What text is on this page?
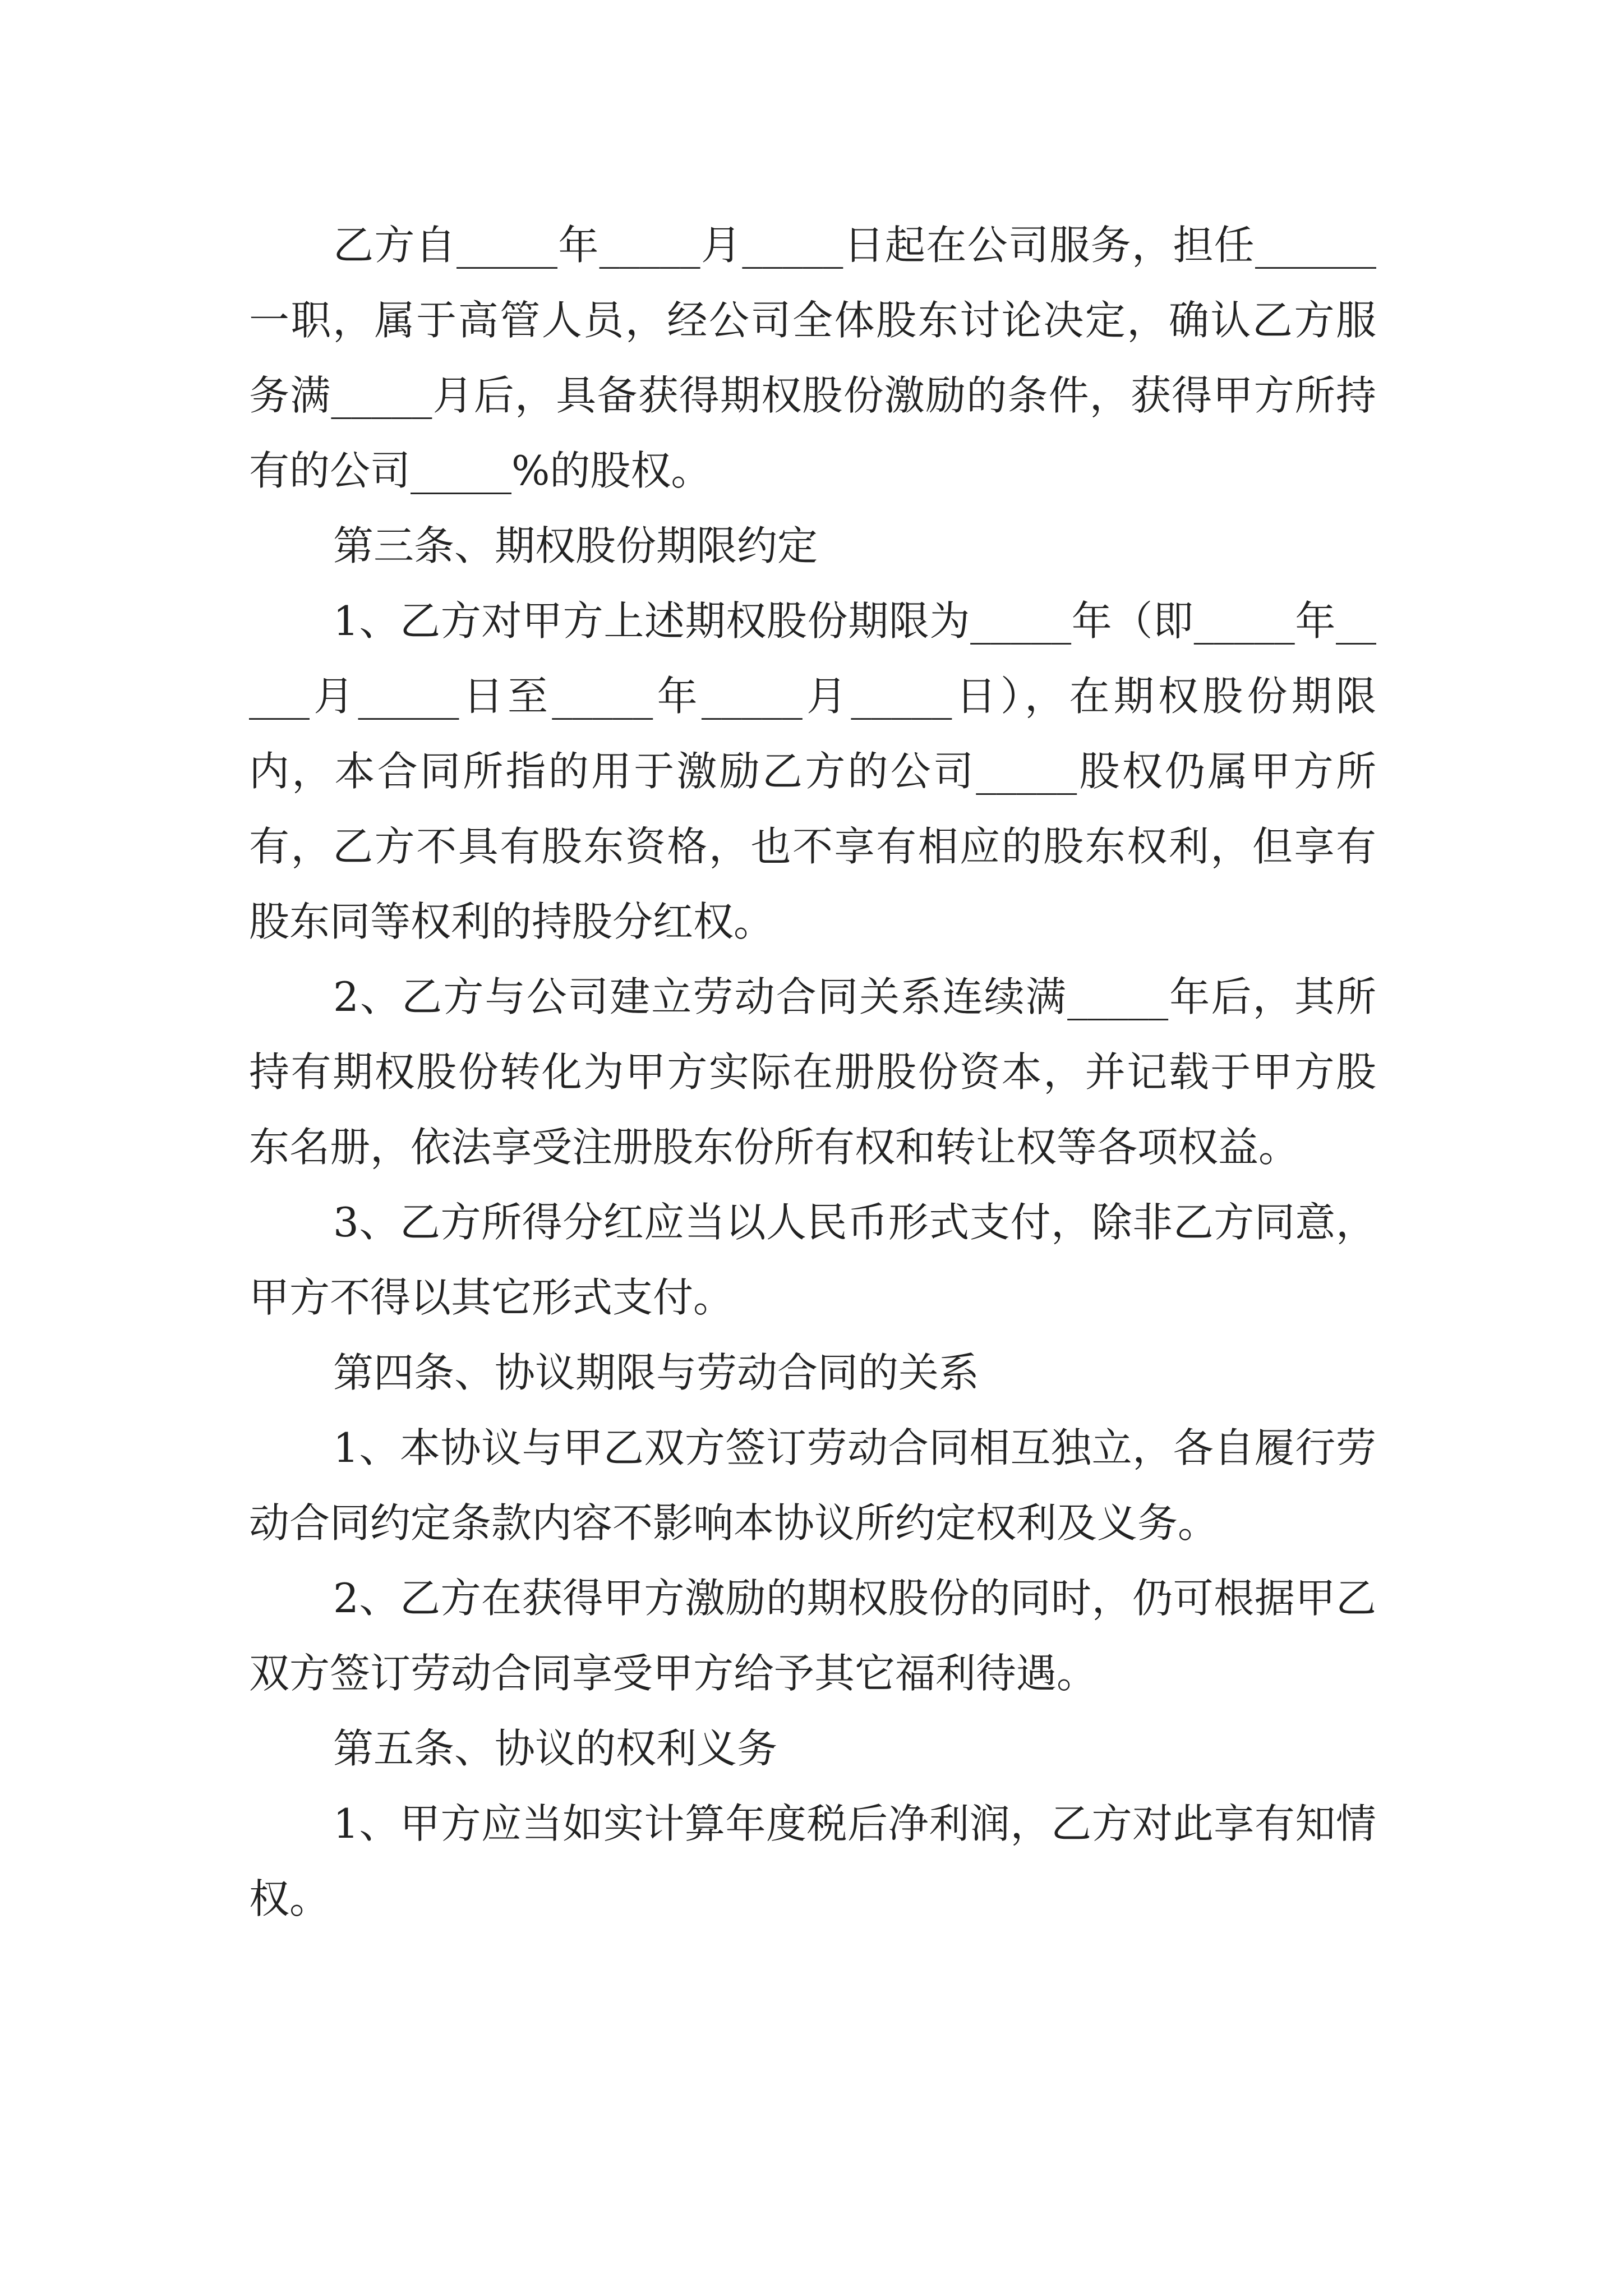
乙方自_____年_____月_____日起在公司服务，担任______一职，属于高管人员，经公司全体股东讨论决定，确认乙方服务满_____月后，具备获得期权股份激励的条件，获得甲方所持有的公司_____%的股权。

第三条、期权股份期限约定

1、乙方对甲方上述期权股份期限为_____年（即_____年_____月_____日至_____年_____月_____日），在期权股份期限内，本合同所指的用于激励乙方的公司_____股权仍属甲方所有，乙方不具有股东资格，也不享有相应的股东权利，但享有股东同等权利的持股分红权。

2、乙方与公司建立劳动合同关系连续满_____年后，其所持有期权股份转化为甲方实际在册股份资本，并记载于甲方股东名册，依法享受注册股东份所有权和转让权等各项权益。

3、乙方所得分红应当以人民币形式支付，除非乙方同意，甲方不得以其它形式支付。

第四条、协议期限与劳动合同的关系

1、本协议与甲乙双方签订劳动合同相互独立，各自履行劳动合同约定条款内容不影响本协议所约定权利及义务。

2、乙方在获得甲方激励的期权股份的同时，仍可根据甲乙双方签订劳动合同享受甲方给予其它福利待遇。

第五条、协议的权利义务

1、甲方应当如实计算年度税后净利润，乙方对此享有知情权。
